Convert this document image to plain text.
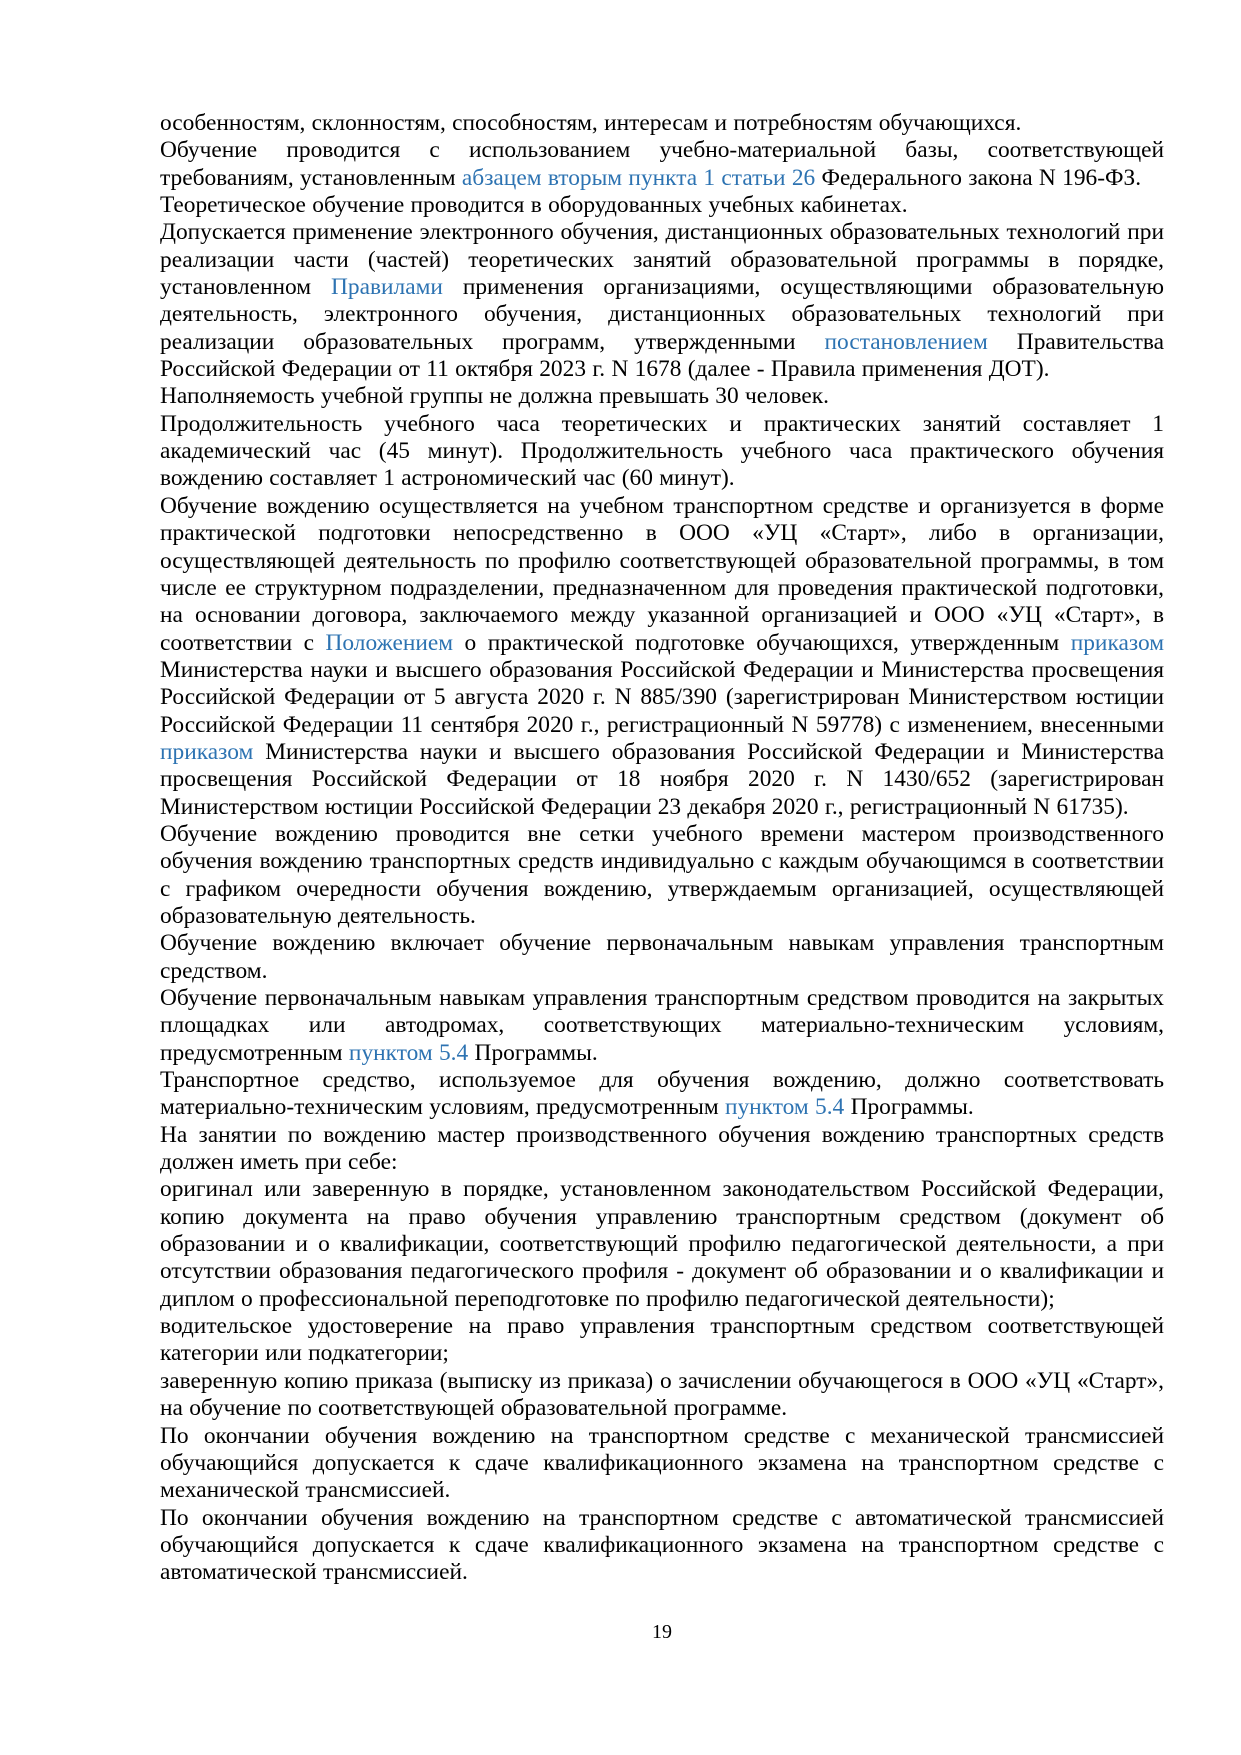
особенностям, склонностям, способностям, интересам и потребностям обучающихся.

Обучение проводится с использованием учебно-материальной базы, соответствующей требованиям, установленным абзацем вторым пункта 1 статьи 26 Федерального закона N 196-ФЗ.

Теоретическое обучение проводится в оборудованных учебных кабинетах.

Допускается применение электронного обучения, дистанционных образовательных технологий при реализации части (частей) теоретических занятий образовательной программы в порядке, установленном Правилами применения организациями, осуществляющими образовательную деятельность, электронного обучения, дистанционных образовательных технологий при реализации образовательных программ, утвержденными постановлением Правительства Российской Федерации от 11 октября 2023 г. N 1678 (далее - Правила применения ДОТ).

Наполняемость учебной группы не должна превышать 30 человек.

Продолжительность учебного часа теоретических и практических занятий составляет 1 академический час (45 минут). Продолжительность учебного часа практического обучения вождению составляет 1 астрономический час (60 минут).

Обучение вождению осуществляется на учебном транспортном средстве и организуется в форме практической подготовки непосредственно в ООО «УЦ «Старт», либо в организации, осуществляющей деятельность по профилю соответствующей образовательной программы, в том числе ее структурном подразделении, предназначенном для проведения практической подготовки, на основании договора, заключаемого между указанной организацией и ООО «УЦ «Старт», в соответствии с Положением о практической подготовке обучающихся, утвержденным приказом Министерства науки и высшего образования Российской Федерации и Министерства просвещения Российской Федерации от 5 августа 2020 г. N 885/390 (зарегистрирован Министерством юстиции Российской Федерации 11 сентября 2020 г., регистрационный N 59778) с изменением, внесенными приказом Министерства науки и высшего образования Российской Федерации и Министерства просвещения Российской Федерации от 18 ноября 2020 г. N 1430/652 (зарегистрирован Министерством юстиции Российской Федерации 23 декабря 2020 г., регистрационный N 61735).

Обучение вождению проводится вне сетки учебного времени мастером производственного обучения вождению транспортных средств индивидуально с каждым обучающимся в соответствии с графиком очередности обучения вождению, утверждаемым организацией, осуществляющей образовательную деятельность.

Обучение вождению включает обучение первоначальным навыкам управления транспортным средством.

Обучение первоначальным навыкам управления транспортным средством проводится на закрытых площадках или автодромах, соответствующих материально-техническим условиям, предусмотренным пунктом 5.4 Программы.

Транспортное средство, используемое для обучения вождению, должно соответствовать материально-техническим условиям, предусмотренным пунктом 5.4 Программы.

На занятии по вождению мастер производственного обучения вождению транспортных средств должен иметь при себе:

оригинал или заверенную в порядке, установленном законодательством Российской Федерации, копию документа на право обучения управлению транспортным средством (документ об образовании и о квалификации, соответствующий профилю педагогической деятельности, а при отсутствии образования педагогического профиля - документ об образовании и о квалификации и диплом о профессиональной переподготовке по профилю педагогической деятельности);

водительское удостоверение на право управления транспортным средством соответствующей категории или подкатегории;

заверенную копию приказа (выписку из приказа) о зачислении обучающегося в ООО «УЦ «Старт», на обучение по соответствующей образовательной программе.

По окончании обучения вождению на транспортном средстве с механической трансмиссией обучающийся допускается к сдаче квалификационного экзамена на транспортном средстве с механической трансмиссией.

По окончании обучения вождению на транспортном средстве с автоматической трансмиссией обучающийся допускается к сдаче квалификационного экзамена на транспортном средстве с автоматической трансмиссией.

19
